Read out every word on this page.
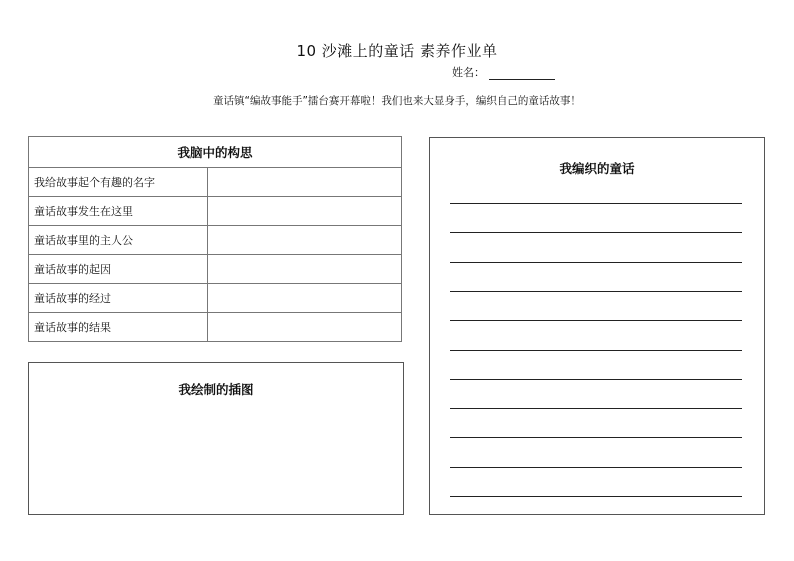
10 沙滩上的童话 素养作业单
姓名：
童话镇“编故事能手”擂台赛开幕啦！我们也来大显身手，编织自己的童话故事！
我脑中的构思	
我给故事起个有趣的名字	
童话故事发生在这里	
童话故事里的主人公	
童话故事的起因	
童话故事的经过	
童话故事的结果	
我绘制的插图
我编织的童话
